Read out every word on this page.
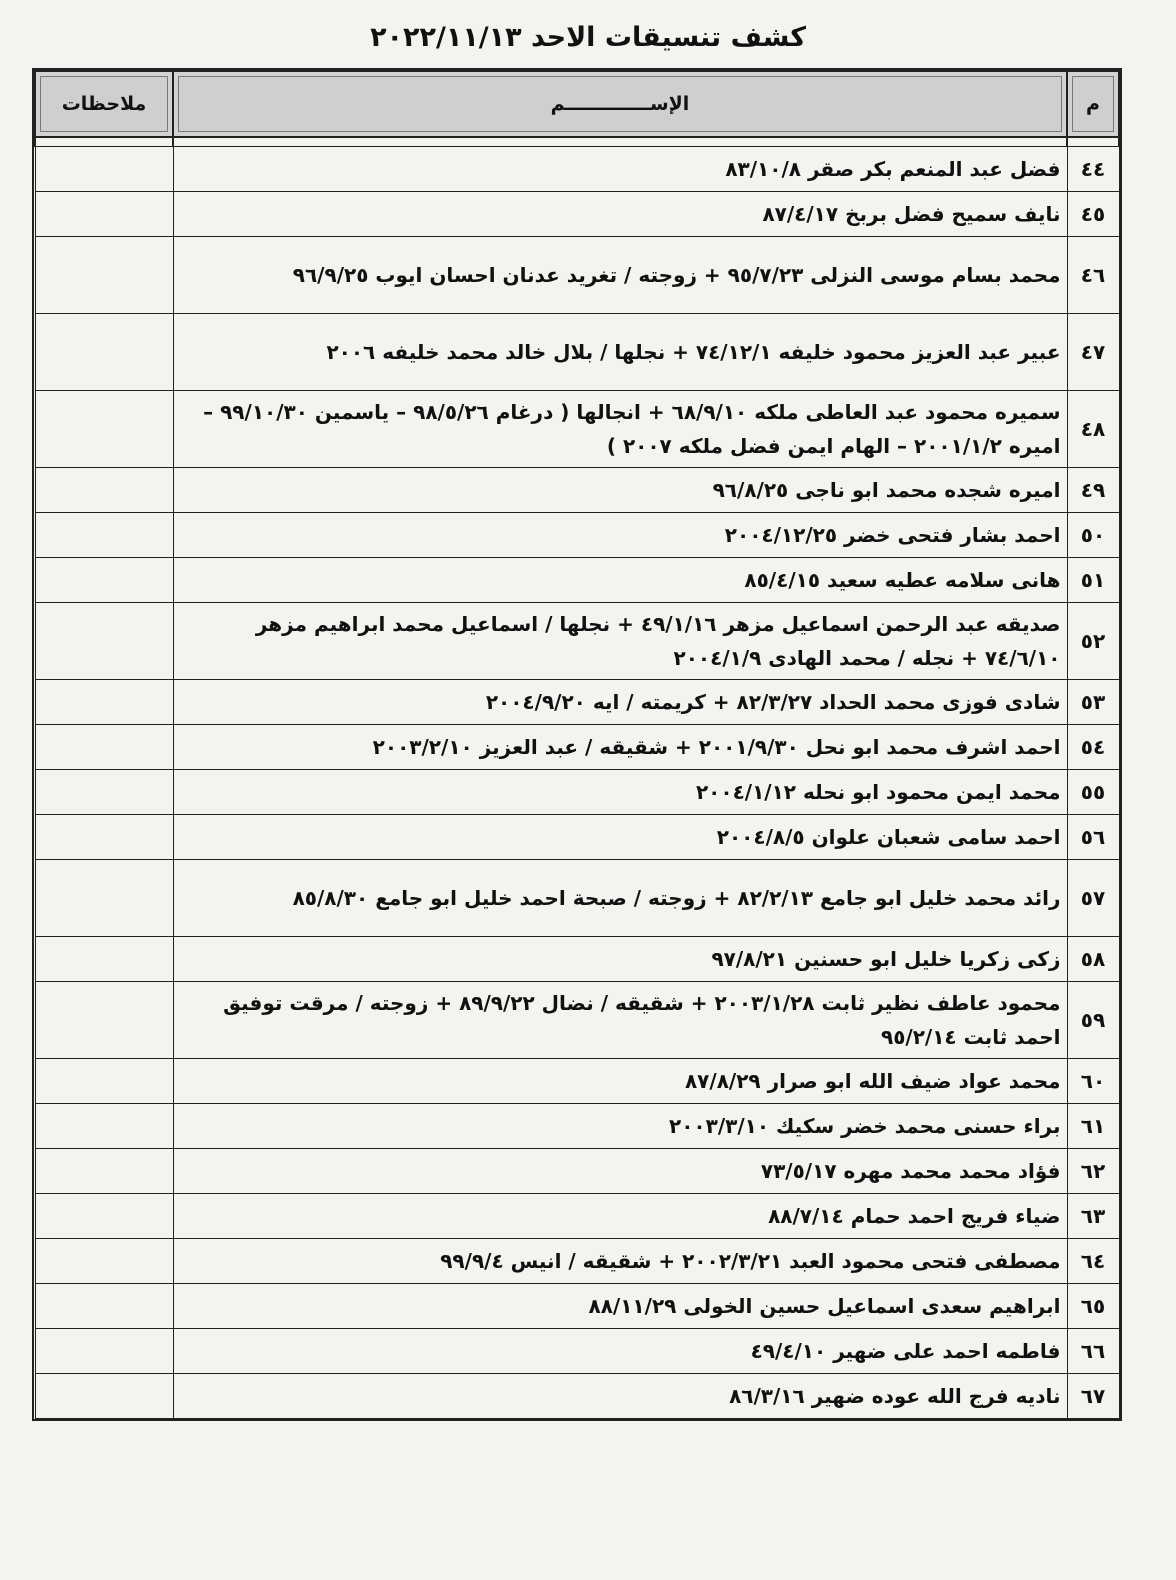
كشف تنسيقات الاحد ٢٠٢٢/١١/١٣
م	الإســـــــــــــم	ملاحظات

٤٤	فضل عبد المنعم بكر صقر ٨٣/١٠/٨	
٤٥	نايف سميح فضل بربخ ٨٧/٤/١٧	
٤٦	محمد بسام موسى النزلى ٩٥/٧/٢٣ + زوجته / تغريد عدنان احسان ايوب ٩٦/٩/٢٥	
٤٧	عبير عبد العزيز محمود خليفه ٧٤/١٢/١ + نجلها / بلال خالد محمد خليفه ٢٠٠٦	
٤٨	سميره محمود عبد العاطى ملكه ٦٨/٩/١٠ + انجالها ( درغام ٩٨/٥/٢٦ – ياسمين ٩٩/١٠/٣٠ – اميره ٢٠٠١/١/٢ – الهام ايمن فضل ملكه ٢٠٠٧ )	
٤٩	اميره شجده محمد ابو ناجى ٩٦/٨/٢٥	
٥٠	احمد بشار فتحى خضر ٢٠٠٤/١٢/٢٥	
٥١	هانى سلامه عطيه سعيد ٨٥/٤/١٥	
٥٢	صديقه عبد الرحمن اسماعيل مزهر ٤٩/١/١٦ + نجلها / اسماعيل محمد ابراهيم مزهر ٧٤/٦/١٠ + نجله / محمد الهادى ٢٠٠٤/١/٩	
٥٣	شادى فوزى محمد الحداد ٨٢/٣/٢٧ + كريمته / ايه ٢٠٠٤/٩/٢٠	
٥٤	احمد اشرف محمد ابو نحل ٢٠٠١/٩/٣٠ + شقيقه / عبد العزيز ٢٠٠٣/٢/١٠	
٥٥	محمد ايمن محمود ابو نحله ٢٠٠٤/١/١٢	
٥٦	احمد سامى شعبان علوان ٢٠٠٤/٨/٥	
٥٧	رائد محمد خليل ابو جامع ٨٢/٢/١٣ + زوجته / صبحة احمد خليل ابو جامع ٨٥/٨/٣٠	
٥٨	زكى زكريا خليل ابو حسنين ٩٧/٨/٢١	
٥٩	محمود عاطف نظير ثابت ٢٠٠٣/١/٢٨ + شقيقه / نضال ٨٩/٩/٢٢ + زوجته / مرقت توفيق احمد ثابت ٩٥/٢/١٤	
٦٠	محمد عواد ضيف الله ابو صرار ٨٧/٨/٢٩	
٦١	براء حسنى محمد خضر سكيك ٢٠٠٣/٣/١٠	
٦٢	فؤاد محمد محمد مهره ٧٣/٥/١٧	
٦٣	ضياء فريج احمد حمام ٨٨/٧/١٤	
٦٤	مصطفى فتحى محمود العبد ٢٠٠٢/٣/٢١ + شقيقه / انيس ٩٩/٩/٤	
٦٥	ابراهيم سعدى اسماعيل حسين الخولى ٨٨/١١/٢٩	
٦٦	فاطمه احمد على ضهير ٤٩/٤/١٠	
٦٧	ناديه فرج الله عوده ضهير ٨٦/٣/١٦	
